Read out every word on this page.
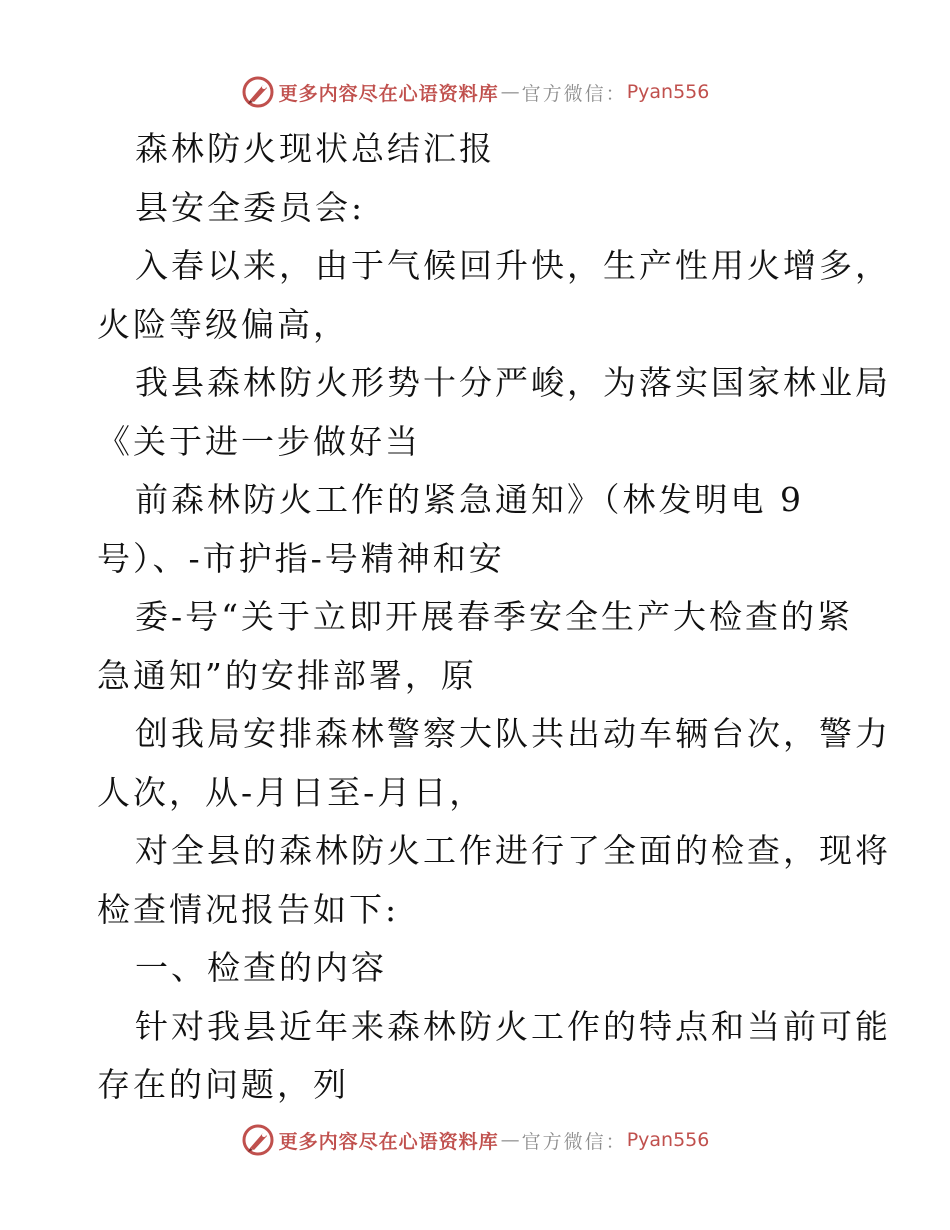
更多内容尽在心语资料库 — 官方微信： Pyan556

森林防火现状总结汇报

县安全委员会:

入春以来，由于气候回升快，生产性用火增多，

火险等级偏高，

我县森林防火形势十分严峻，为落实国家林业局

《关于进一步做好当

前森林防火工作的紧急通知》（林发明电 9

号）、-市护指-号精神和安

委-号“关于立即开展春季安全生产大检查的紧

急通知”的安排部署，原

创我局安排森林警察大队共出动车辆台次，警力

人次，从-月日至-月日，

对全县的森林防火工作进行了全面的检查，现将

检查情况报告如下:

一、检查的内容

针对我县近年来森林防火工作的特点和当前可能

存在的问题，列

更多内容尽在心语资料库 — 官方微信： Pyan556
